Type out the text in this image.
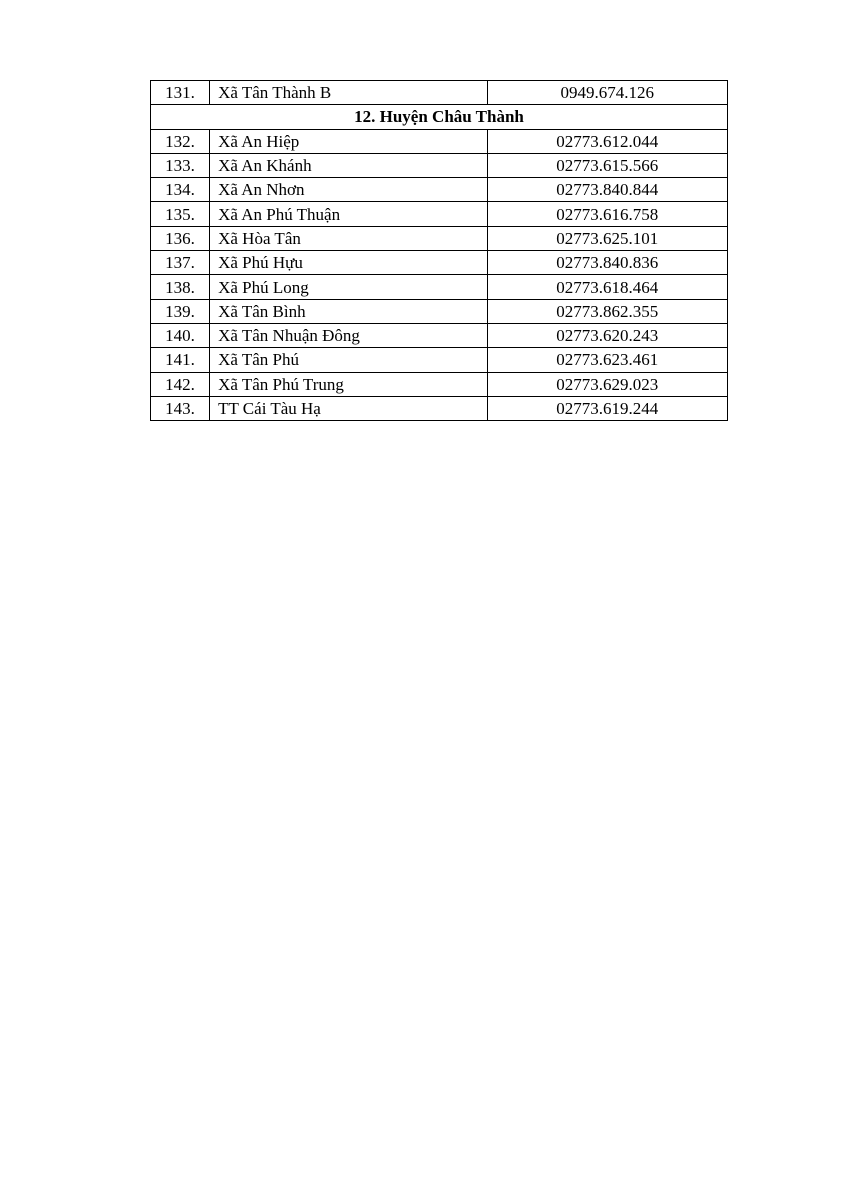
131.	Xã Tân Thành B	0949.674.126
12. Huyện Châu Thành		
132.	Xã An Hiệp	02773.612.044
133.	Xã An Khánh	02773.615.566
134.	Xã An Nhơn	02773.840.844
135.	Xã An Phú Thuận	02773.616.758
136.	Xã Hòa Tân	02773.625.101
137.	Xã Phú Hựu	02773.840.836
138.	Xã Phú Long	02773.618.464
139.	Xã Tân Bình	02773.862.355
140.	Xã Tân Nhuận Đông	02773.620.243
141.	Xã Tân Phú	02773.623.461
142.	Xã Tân Phú Trung	02773.629.023
143.	TT Cái Tàu Hạ	02773.619.244
